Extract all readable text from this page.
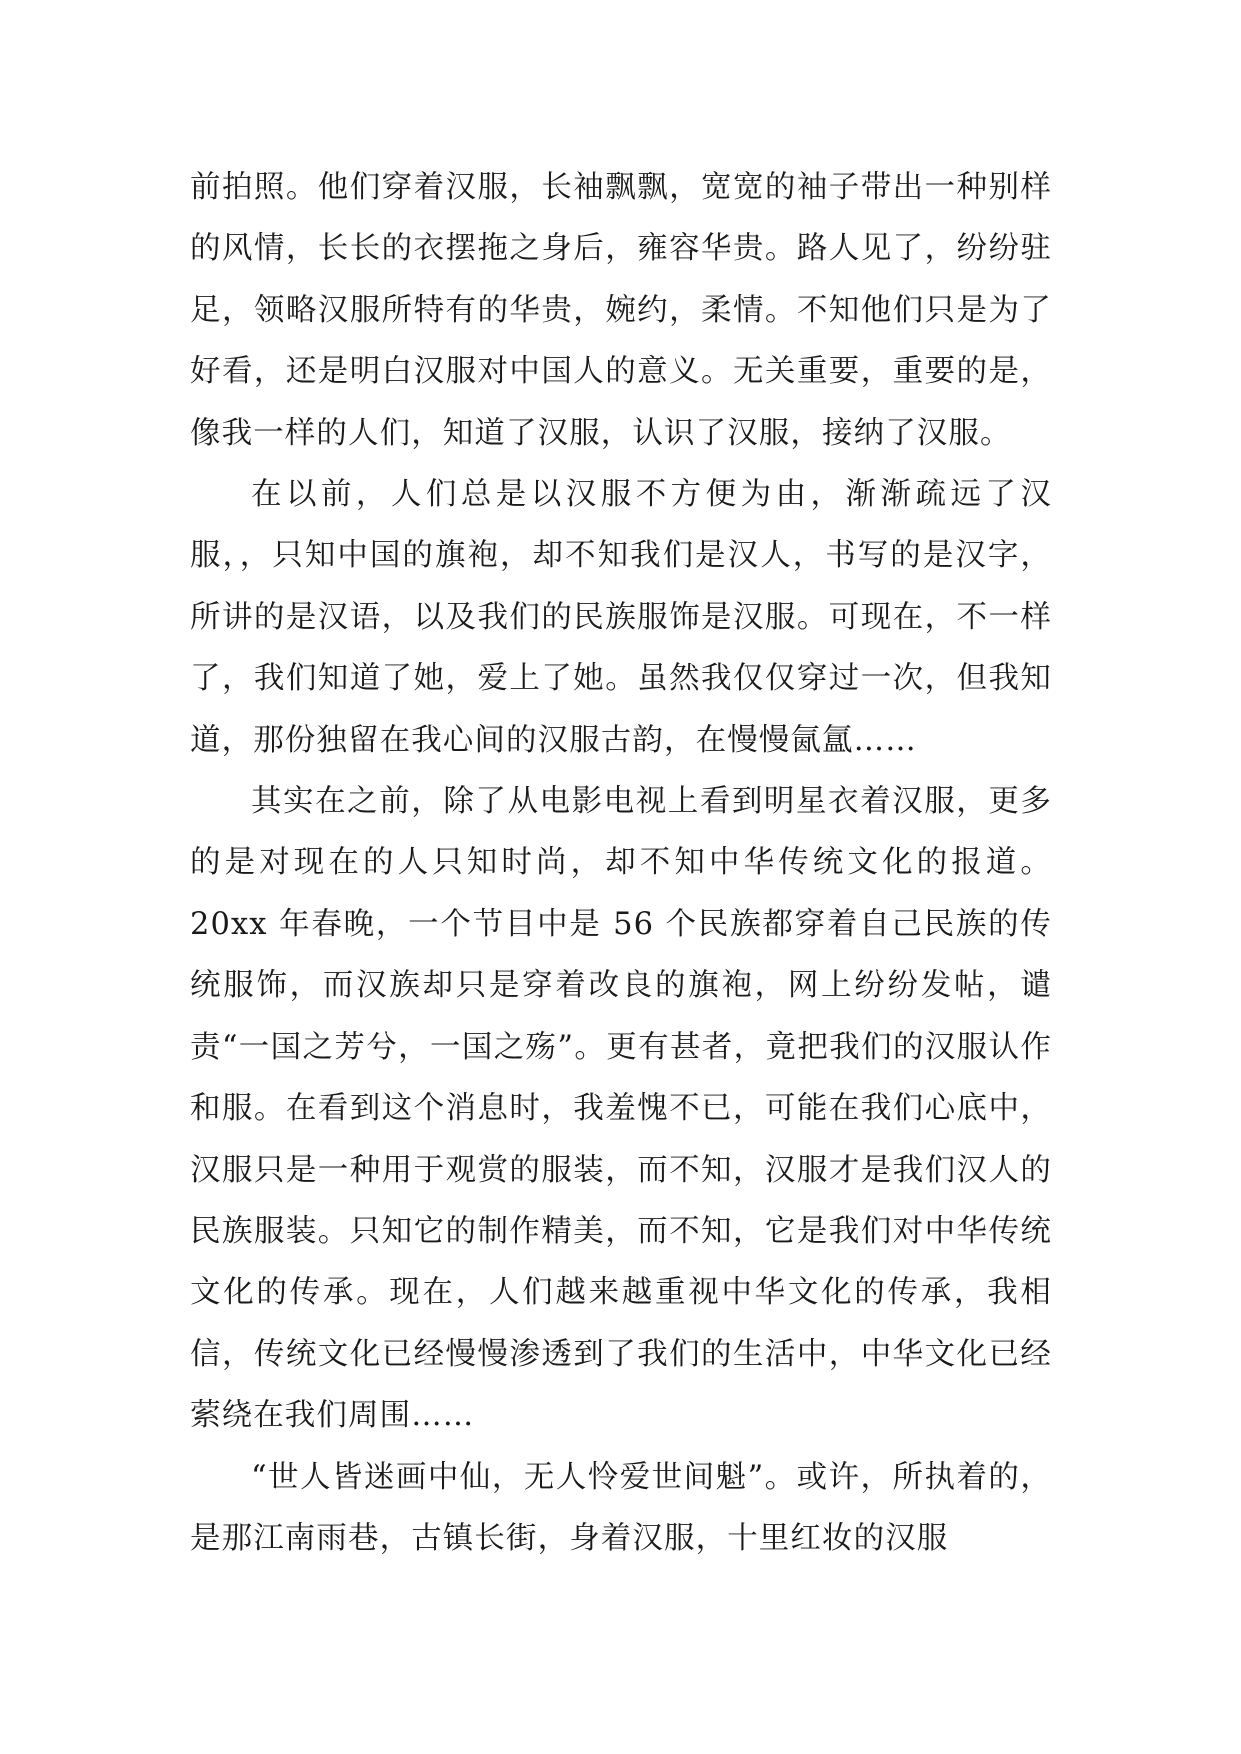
前拍照。他们穿着汉服，长袖飘飘，宽宽的袖子带出一种别样的风情，长长的衣摆拖之身后，雍容华贵。路人见了，纷纷驻足，领略汉服所特有的华贵，婉约，柔情。不知他们只是为了好看，还是明白汉服对中国人的意义。无关重要，重要的是，像我一样的人们，知道了汉服，认识了汉服，接纳了汉服。

在以前，人们总是以汉服不方便为由，渐渐疏远了汉服，，只知中国的旗袍，却不知我们是汉人，书写的是汉字，所讲的是汉语，以及我们的民族服饰是汉服。可现在，不一样了，我们知道了她，爱上了她。虽然我仅仅穿过一次，但我知道，那份独留在我心间的汉服古韵，在慢慢氤氲……

其实在之前，除了从电影电视上看到明星衣着汉服，更多的是对现在的人只知时尚，却不知中华传统文化的报道。20xx 年春晚，一个节目中是 56 个民族都穿着自己民族的传统服饰，而汉族却只是穿着改良的旗袍，网上纷纷发帖，谴责“一国之芳兮，一国之殇”。更有甚者，竟把我们的汉服认作和服。在看到这个消息时，我羞愧不已，可能在我们心底中，汉服只是一种用于观赏的服装，而不知，汉服才是我们汉人的民族服装。只知它的制作精美，而不知，它是我们对中华传统文化的传承。现在，人们越来越重视中华文化的传承，我相信，传统文化已经慢慢渗透到了我们的生活中，中华文化已经萦绕在我们周围……

“世人皆迷画中仙，无人怜爱世间魁”。或许，所执着的，是那江南雨巷，古镇长街，身着汉服，十里红妆的汉服
